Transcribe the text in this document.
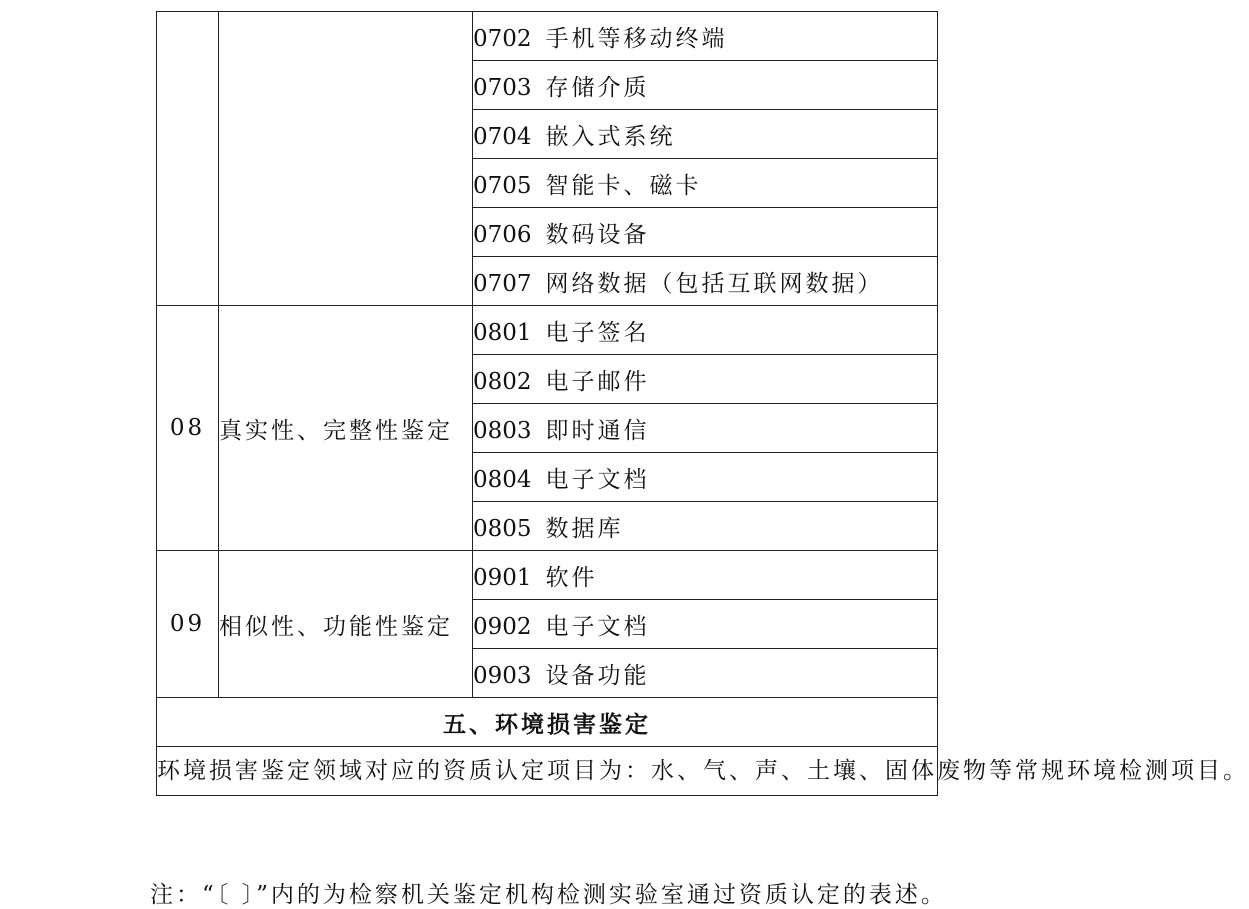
		0702 手机等移动终端
		0703 存储介质
		0704 嵌入式系统
		0705 智能卡、磁卡
		0706 数码设备
		0707 网络数据（包括互联网数据）
08	真实性、完整性鉴定	0801 电子签名
		0802 电子邮件
		0803 即时通信
		0804 电子文档
		0805 数据库
09	相似性、功能性鉴定	0901 软件
		0902 电子文档
		0903 设备功能
五、环境损害鉴定		
环境损害鉴定领域对应的资质认定项目为：水、气、声、土壤、固体废物等常规环境检测项目。		
注：“〔 〕”内的为检察机关鉴定机构检测实验室通过资质认定的表述。
